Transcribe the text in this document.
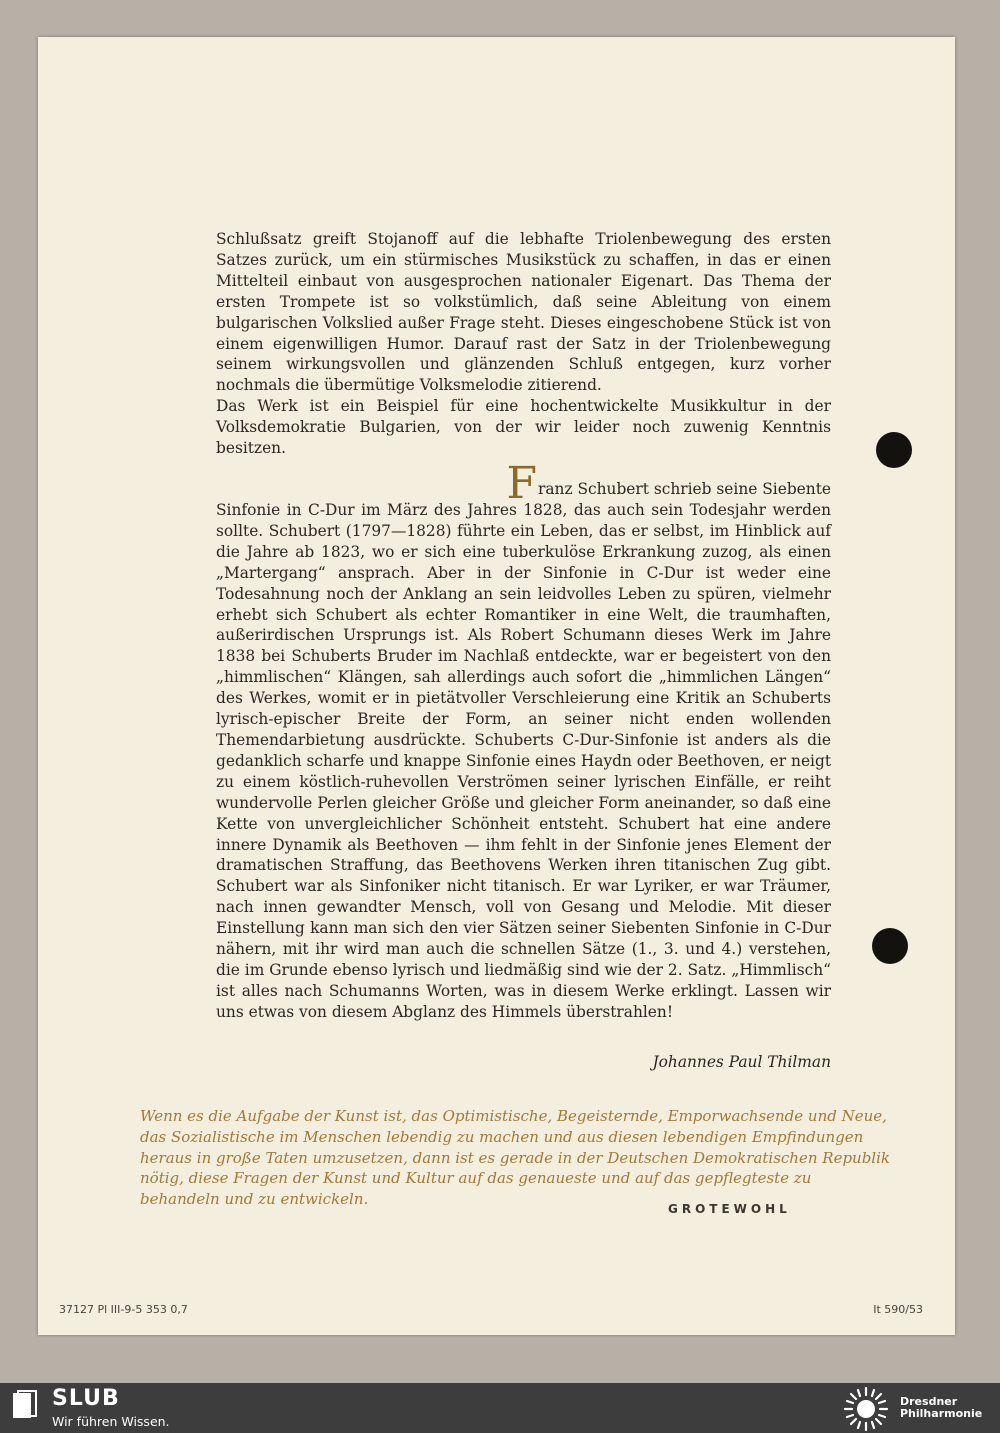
Schlußsatz greift Stojanoff auf die lebhafte Triolenbewegung des ersten Satzes zurück, um ein stürmisches Musikstück zu schaffen, in das er einen Mittelteil einbaut von ausgesprochen nationaler Eigenart. Das Thema der ersten Trompete ist so volkstümlich, daß seine Ableitung von einem bulgarischen Volkslied außer Frage steht. Dieses eingeschobene Stück ist von einem eigenwilligen Humor. Darauf rast der Satz in der Triolenbewegung seinem wirkungsvollen und glänzenden Schluß entgegen, kurz vorher nochmals die übermütige Volksmelodie zitierend.

Das Werk ist ein Beispiel für eine hochentwickelte Musikkultur in der Volksdemokratie Bulgarien, von der wir leider noch zuwenig Kenntnis besitzen.

Franz Schubert schrieb seine Siebente

Sinfonie in C-Dur im März des Jahres 1828, das auch sein Todesjahr werden sollte. Schubert (1797—1828) führte ein Leben, das er selbst, im Hinblick auf die Jahre ab 1823, wo er sich eine tuberkulöse Erkrankung zuzog, als einen „Martergang“ ansprach. Aber in der Sinfonie in C-Dur ist weder eine Todesahnung noch der Anklang an sein leidvolles Leben zu spüren, vielmehr erhebt sich Schubert als echter Romantiker in eine Welt, die traumhaften, außerirdischen Ursprungs ist. Als Robert Schumann dieses Werk im Jahre 1838 bei Schuberts Bruder im Nachlaß entdeckte, war er begeistert von den „himmlischen“ Klängen, sah allerdings auch sofort die „himmlichen Längen“ des Werkes, womit er in pietätvoller Verschleierung eine Kritik an Schuberts lyrisch-epischer Breite der Form, an seiner nicht enden wollenden Themendarbietung ausdrückte. Schuberts C-Dur-Sinfonie ist anders als die gedanklich scharfe und knappe Sinfonie eines Haydn oder Beethoven, er neigt zu einem köstlich-ruhevollen Verströmen seiner lyrischen Einfälle, er reiht wundervolle Perlen gleicher Größe und gleicher Form aneinander, so daß eine Kette von unvergleichlicher Schönheit entsteht. Schubert hat eine andere innere Dynamik als Beethoven — ihm fehlt in der Sinfonie jenes Element der dramatischen Straffung, das Beethovens Werken ihren titanischen Zug gibt. Schubert war als Sinfoniker nicht titanisch. Er war Lyriker, er war Träumer, nach innen gewandter Mensch, voll von Gesang und Melodie. Mit dieser Einstellung kann man sich den vier Sätzen seiner Siebenten Sinfonie in C-Dur nähern, mit ihr wird man auch die schnellen Sätze (1., 3. und 4.) verstehen, die im Grunde ebenso lyrisch und liedmäßig sind wie der 2. Satz. „Himmlisch“ ist alles nach Schumanns Worten, was in diesem Werke erklingt. Lassen wir uns etwas von diesem Abglanz des Himmels überstrahlen!

Johannes Paul Thilman

Wenn es die Aufgabe der Kunst ist, das Optimistische, Begeisternde, Emporwachsende und Neue, das Sozialistische im Menschen lebendig zu machen und aus diesen lebendigen Empfindungen heraus in große Taten umzusetzen, dann ist es gerade in der Deutschen Demokratischen Republik nötig, diese Fragen der Kunst und Kultur auf das genaueste und auf das gepflegteste zu behandeln und zu entwickeln.

GROTEWOHL
37127 Pl III-9-5 353 0,7	It 590/53
SLUB
Wir führen Wissen.
Dresdner
Philharmonie
